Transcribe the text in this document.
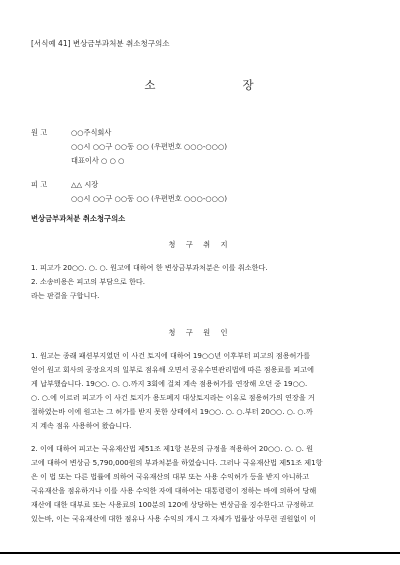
[서식예 41] 변상금부과처분 취소청구의소
소	장
원 고	○○주식회사
○○시 ○○구 ○○동 ○○ (우편번호 ○○○-○○○)
대표이사 ○ ○ ○
피 고	△△ 시장
○○시 ○○구 ○○동 ○○ (우편번호 ○○○-○○○)
변상금부과처분 취소청구의소
청 구 취 지
1. 피고가 20○○. ○. ○. 원고에 대하여 한 변상금부과처분은 이를 취소한다.
2. 소송비용은 피고의 부담으로 한다.
라는 판결을 구합니다.
청 구 원 인
1. 원고는 종래 패션부지였던 이 사건 토지에 대하여 19○○년 이후부터 피고의 점용허가를
얻어 원고 회사의 공장요지의 일부로 점유해 오면서 공유수면관리법에 따른 점용료를 피고에
게 납부했습니다. 19○○. ○. ○.까지 3회에 걸쳐 계속 점용허가를 연장해 오던 중 19○○.
○. ○.에 이르러 피고가 이 사건 토지가 용도폐지 대상토지라는 이유로 점용허가의 연장을 거
절하였는바 이에 원고는 그 허가를 받지 못한 상태에서 19○○. ○. ○.부터 20○○. ○. ○.까
지 계속 점유 사용하여 왔습니다.
2. 이에 대하여 피고는 국유재산법 제51조 제1항 본문의 규정을 적용하여 20○○. ○. ○. 원
고에 대하여 변상금 5,790,000원의 부과처분을 하였습니다. 그러나 국유재산법 제51조 제1항
은 이 법 또는 다른 법률에 의하여 국유재산의 대부 또는 사용 수익허가 등을 받지 아니하고
국유재산을 점유하거나 이를 사용 수익한 자에 대하여는 대통령령이 정하는 바에 의하여 당해
재산에 대한 대부료 또는 사용료의 100분의 120에 상당하는 변상금을 징수한다고 규정하고
있는바, 이는 국유재산에 대한 점유나 사용 수익의 개시 그 자체가 법률상 아무런 권원없이 이
